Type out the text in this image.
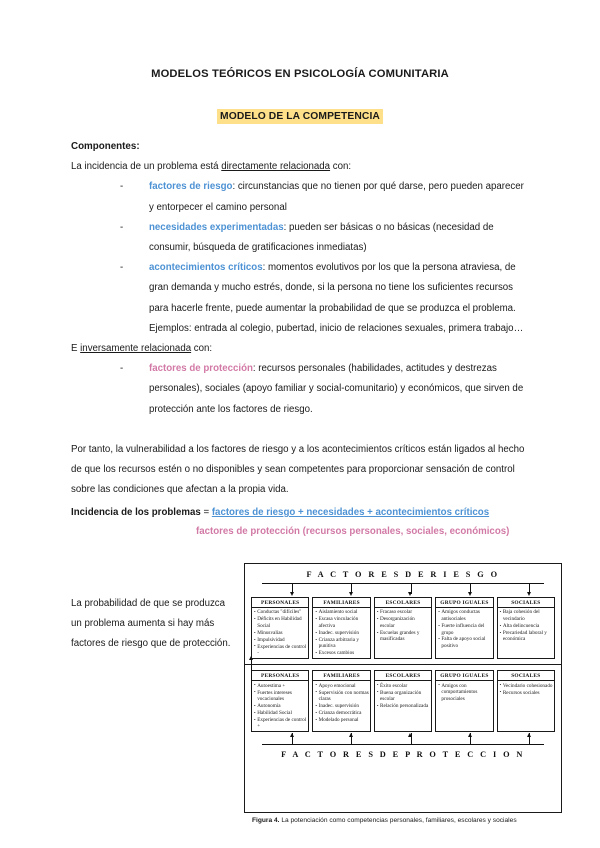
MODELOS TEÓRICOS EN PSICOLOGÍA COMUNITARIA
MODELO DE LA COMPETENCIA
Componentes:
La incidencia de un problema está directamente relacionada con:
- factores de riesgo: circunstancias que no tienen por qué darse, pero pueden aparecer y entorpecer el camino personal
- necesidades experimentadas: pueden ser básicas o no básicas (necesidad de consumir, búsqueda de gratificaciones inmediatas)
- acontecimientos críticos: momentos evolutivos por los que la persona atraviesa, de gran demanda y mucho estrés, donde, si la persona no tiene los suficientes recursos para hacerle frente, puede aumentar la probabilidad de que se produzca el problema. Ejemplos: entrada al colegio, pubertad, inicio de relaciones sexuales, primera trabajo…
E inversamente relacionada con:
- factores de protección: recursos personales (habilidades, actitudes y destrezas personales), sociales (apoyo familiar y social-comunitario) y económicos, que sirven de protección ante los factores de riesgo.
Por tanto, la vulnerabilidad a los factores de riesgo y a los acontecimientos críticos están ligados al hecho de que los recursos estén o no disponibles y sean competentes para proporcionar sensación de control sobre las condiciones que afectan a la propia vida.
Incidencia de los problemas = factores de riesgo + necesidades + acontecimientos críticos
factores de protección (recursos personales, sociales, económicos)
La probabilidad de que se produzca un problema aumenta si hay más factores de riesgo que de protección.
F A C T O R E S D E R I E S G O
PERSONALES
• Conductas "difíciles"
• Déficits en Habilidad Social
• Minusvalías
• Impulsividad
• Experiencias de control -
FAMILIARES
• Aislamiento social
• Escasa vinculación afectiva
• Inadec. supervisión
• Crianza arbitraria y punitiva
• Excesos cambios
ESCOLARES
• Fracaso escolar
• Desorganización escolar
• Escuelas grandes y masificadas
GRUPO IGUALES
• Amigos conductas antisociales
• Fuerte influencia del grupo
• Falta de apoyo social positivo
SOCIALES
• Baja cohesión del vecindario
• Alta delincuencia
• Precariedad laboral y económica
PERSONALES
• Autoestima +
• Fuertes intereses vocacionales
• Autonomía
• Habilidad Social
• Experiencias de control +
FAMILIARES
• Apoyo emocional
• Supervisión con normas claras
• Inadec. supervisión
• Crianza democrática
• Modelado personal
ESCOLARES
• Éxito escolar
• Buena organización escolar
• Relación personalizada
GRUPO IGUALES
• Amigos con comportamientos prosociales
SOCIALES
• Vecindario cohesionado
• Recursos sociales
F A C T O R E S D E P R O T E C C I O N
Figura 4. La potenciación como competencias personales, familiares, escolares y sociales
